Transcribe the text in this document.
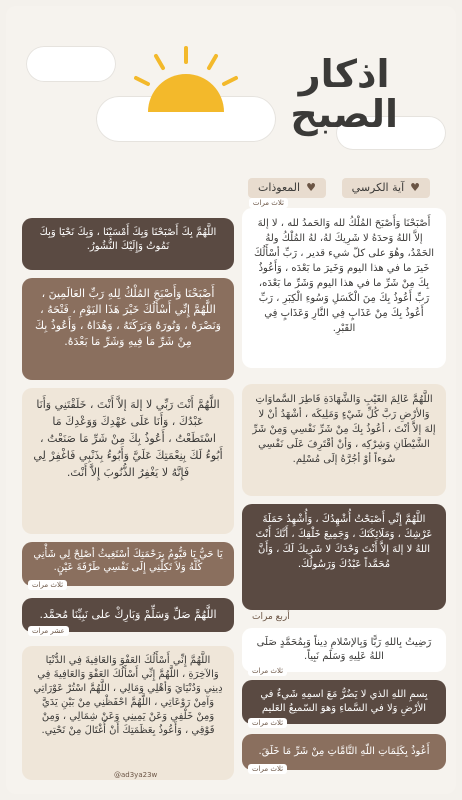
اذكار
الصبح
♥آية الكرسي
ثلاث مرات
♥المعوذات
اللَّهُمَّ بِكَ أَصْبَحْنَا وَبِكَ أَمْسَيْنَا ، وَبِكَ نَحْيَا وَبِكَ نَمُوتُ وَإِلَيْكَ النُّشُورُ.
أَصْبَحْنَا وَأَصْبَحَ المُلْكُ لِلهِ رَبِّ العَالَمِينَ ، اللَّهُمَّ إِنِّي أَسْأَلُكَ خَيْرَ هَذَا اليَوْمِ ، فَتْحَهُ ، وَنَصْرَهُ ، وَنُورَهُ وَبَرَكَتَهُ ، وَهُدَاهُ ، وَأَعُوذُ بِكَ مِنْ شَرِّ مَا فِيهِ وَشَرِّ مَا بَعْدَهُ.
اللَّهُمَّ أَنْتَ رَبِّي لا إلهَ إلاَّ أَنْتَ ، خَلَقْتَنِي وَأَنَا عَبْدُكَ ، وَأَنَا عَلَى عَهْدِكَ وَوَعْدِكَ مَا اسْتَطَعْتُ ، أَعُوذُ بِكَ مِنْ شَرِّ مَا صَنَعْتُ ، أَبُوءُ لَكَ بِنِعْمَتِكَ عَلَيَّ وَأَبُوءُ بِذَنْبِي فَاغْفِرْ لِي فَإِنَّهُ لا يَغْفِرُ الذُّنُوبَ إِلاَّ أَنْتَ.
يَا حَيُّ يَا قيُّومُ بِرَحْمَتِكَ أسْتَغِيثُ أصْلِحْ لِي شَأْنِي كُلَّهُ وَلاَ تَكِلْنِي إِلَى نَفْسِي طَرْفَةَ عَيْنٍ.
ثلاث مرات
اللَّهُمَّ صَلِّ وَسَلِّمْ وَبَارِكْ على نَبِيِّنَا مُحمَّد.
عشر مرات
اللَّهُمَّ إِنِّي أَسْأَلُكَ العَفْوَ وَالعَافِيةَ فِي الدُّنْيَا وَالآخِرَةِ ، اللَّهُمَّ إِنِّي أَسْأَلُكَ العَفْوَ وَالعَافِيةَ فِي دِينِي وَدُنْيَايَ وَأهْلِي وَمَالِي ، اللَّهُمَّ اسْتُرْ عَوْرَاتِي وَآمِنْ رَوْعَاتِي ، اللَّهُمَّ احْفَظْنِي مِنْ بَيْنِ يَدَيَّ وَمِنْ خَلْفِي وَعَنْ يَمِينِي وَعَنْ شِمَالِي ، وَمِنْ فَوْقِي ، وَأَعُوذُ بِعَظَمَتِكَ أَنْ أُغْتَالَ مِنْ تَحْتِي.
@ad3ya23w
أَصْبَحْنَا وَأَصْبَحَ المُلْكُ لله وَالحَمدُ لله ، لا إلهَ إلاَّ اللهُ وَحدَهُ لا شَرِيكَ لهُ، لهُ المُلْكُ ولهُ الحَمْدُ، وهُوَ على كلّ شيء قدير ، رَبِّ أسْأَلُكَ خَيرَ ما في هذا اليوم وَخَيرَ ما بَعْدَه ، وَأَعُوذُ بِكَ مِنْ شَرِّ ما في هذا اليوم وَشَرِّ ما بَعْدَه، رَبِّ أَعُوذُ بِكَ مِنَ الْكَسَلِ وَسُوءِ الْكِبَرِ ، رَبِّ أَعُوذُ بِكَ مِنْ عَذَابٍ فِي النَّارِ وَعَذَابٍ فِي القَبْرِ.
اللَّهُمَّ عَالِمَ الغَيْبِ وَالشَّهَادَةِ فَاطِرَ السَّماوَاتِ وَالأرْضِ رَبَّ كُلِّ شَيْءٍ وَمَلِيكَه ، أشْهَدُ أنْ لا إلهَ إلاَّ أنْتَ ، أعُوذُ بِكَ مِنْ شَرِّ نَفْسِي وَمِنْ شَرِّ الشَّيْطَانِ وَشِرْكِه ، وَأنْ أقْتَرِفَ عَلَى نَفْسِي سُوءاً أوْ أجُرَّهُ إلَى مُسْلِم.
اللَّهُمَّ إِنِّي أَصْبَحْتُ أُشْهِدُكَ ، وَأُشْهِدُ حَمَلَةَ عَرْشِكَ ، وَمَلَائِكَتَكَ ، وَجَمِيعَ خَلْقِكَ ، أَنَّكَ أَنْتَ اللهُ لا إلهَ إلاَّ أَنْتَ وَحْدَكَ لا شَرِيكَ لَكَ ، وَأَنَّ مُحَمَّداً عَبْدُكَ وَرَسُولُكَ.
أربع مرات
رَضِيتُ بِاللهِ رَبًّا وَبِالإسْلامِ دِيناً وَبِمُحَمَّدٍ صَلَى اللهُ عَلِيهِ وَسَلَم نَبِياً.
ثلاث مرات
بِسمِ اللهِ الذي لا يَضُرُّ مَعَ اسمِهِ شَيءٌ في الأرْضِ وَلا في السَّماءِ وَهوَ السّميعُ العَليم
ثلاث مرات
أَعُوذُ بِكَلِمَاتِ اللّهِ التَّامَّاتِ مِنْ شَرِّ مَا خَلَقَ.
ثلاث مرات
